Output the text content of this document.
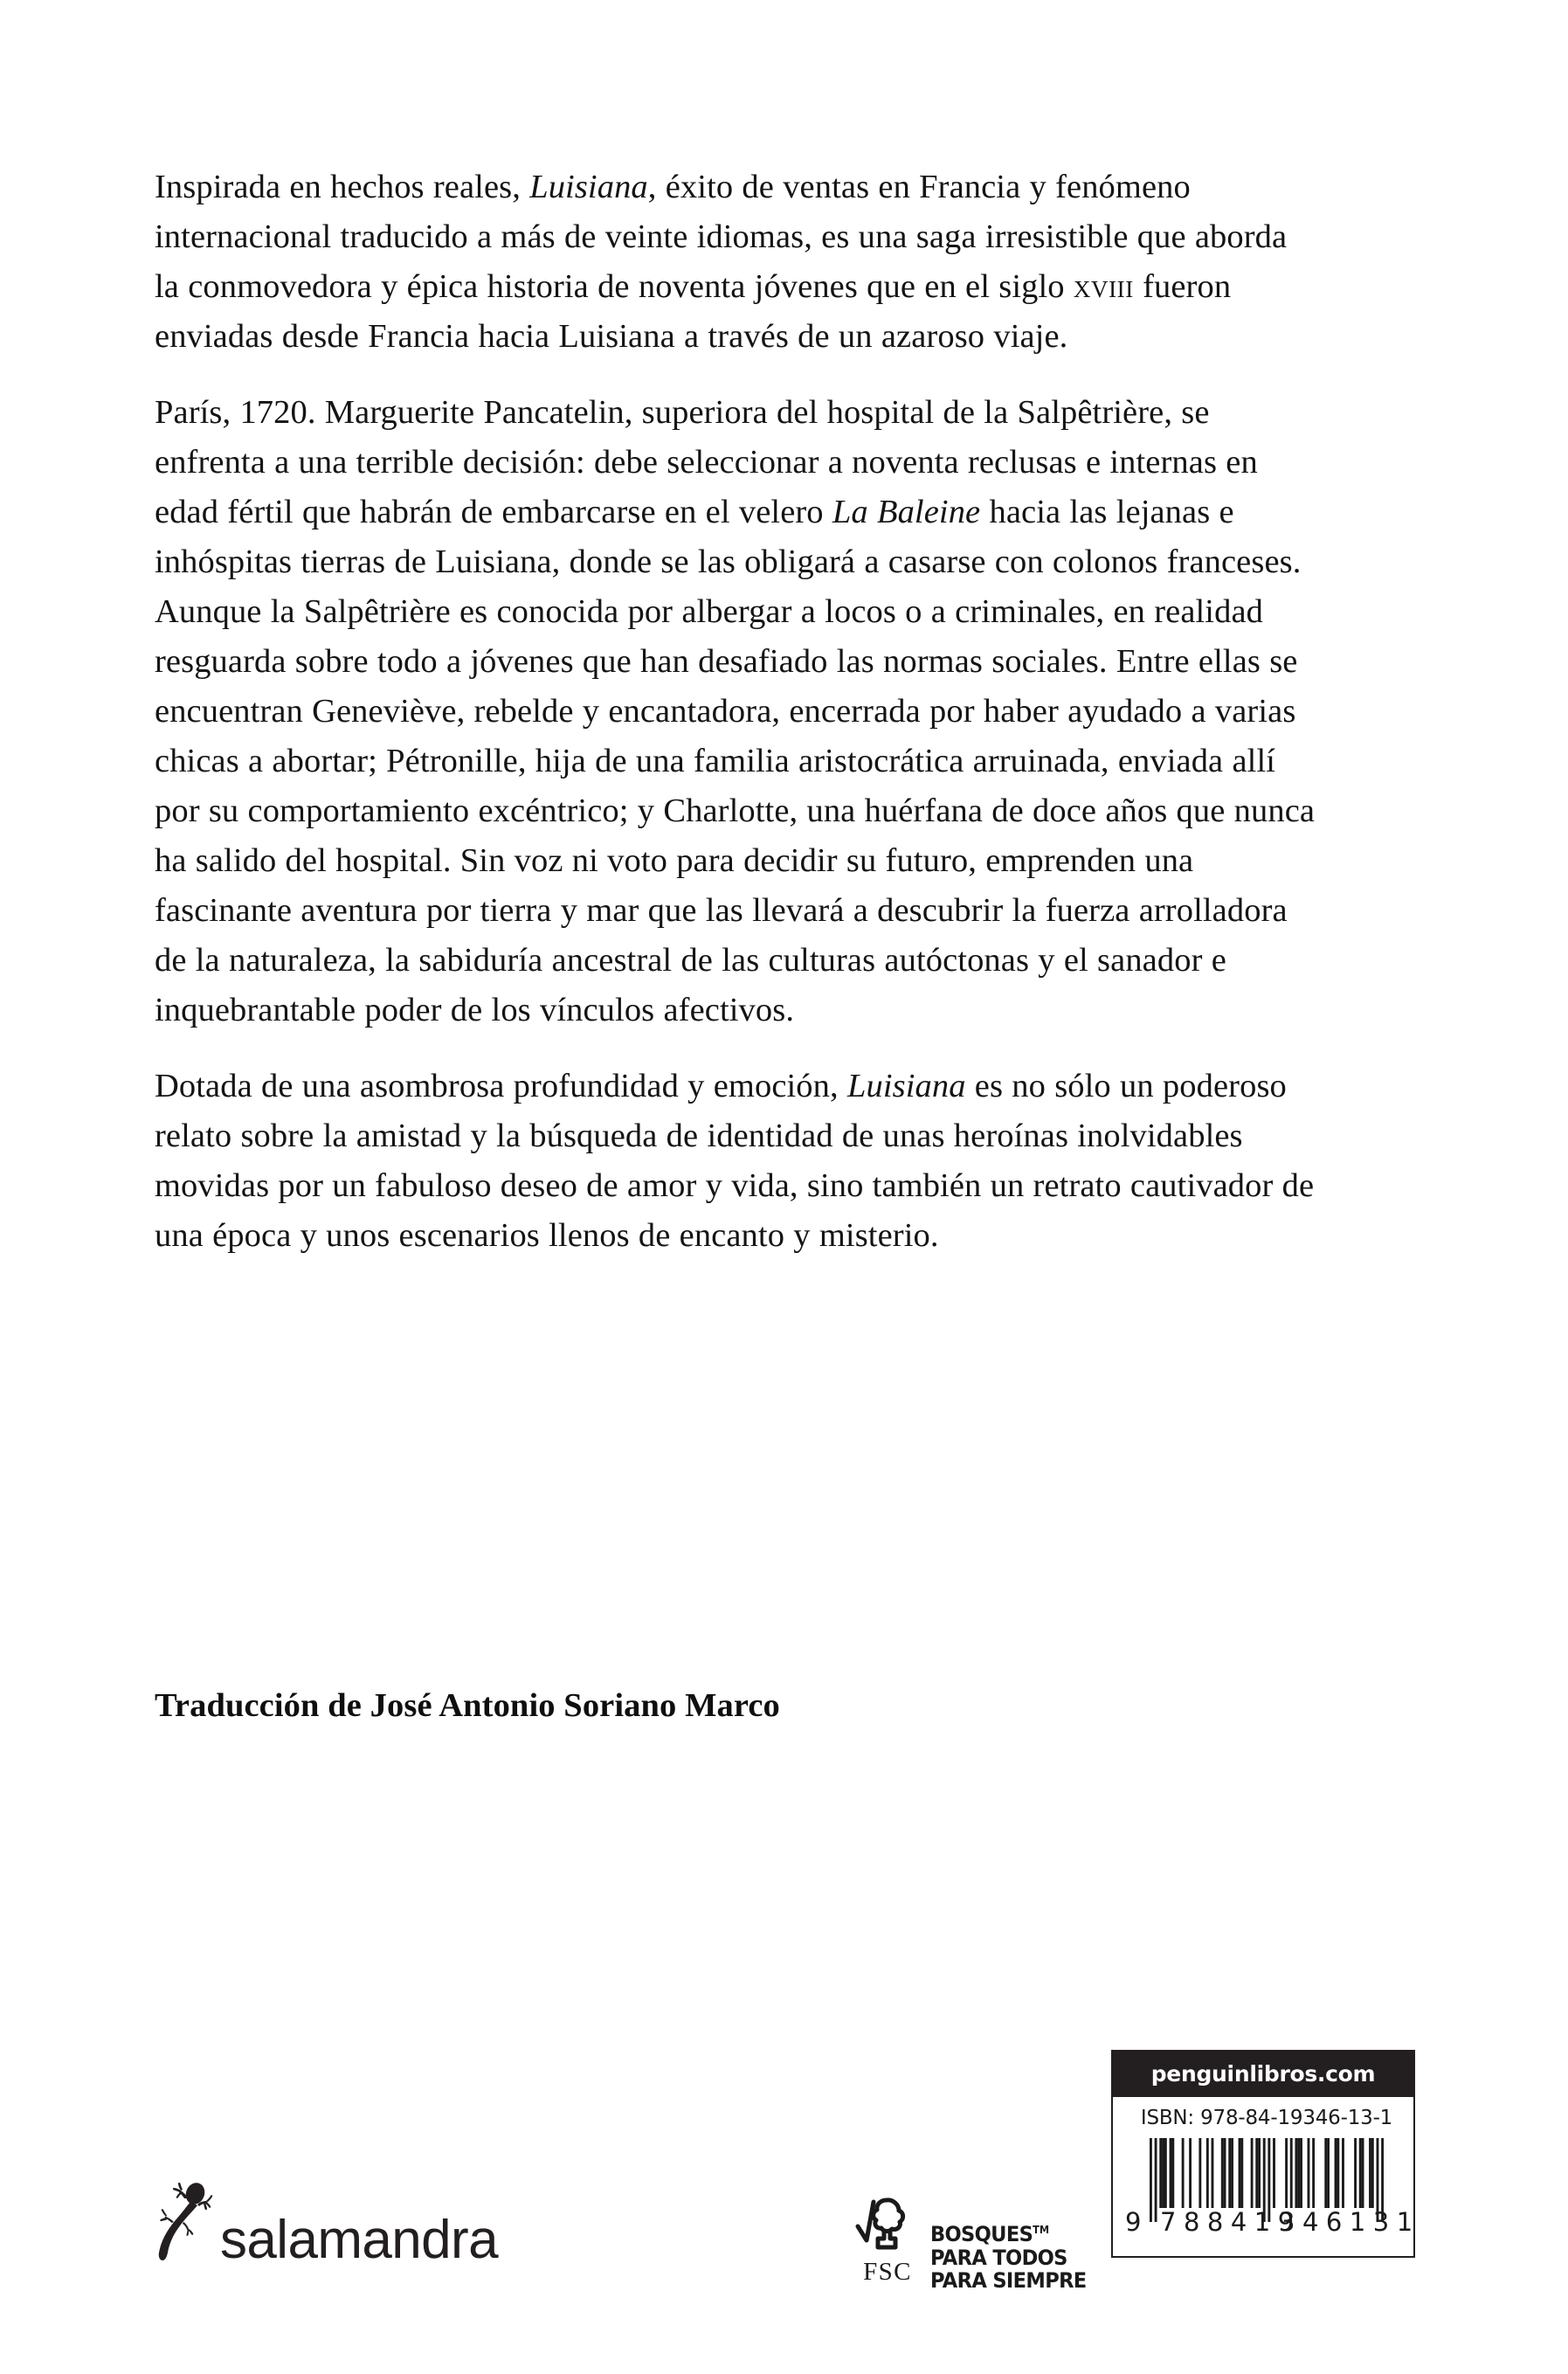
Inspirada en hechos reales, Luisiana, éxito de ventas en Francia y fenómeno internacional traducido a más de veinte idiomas, es una saga irresistible que aborda la conmovedora y épica historia de noventa jóvenes que en el siglo xviii fueron enviadas desde Francia hacia Luisiana a través de un azaroso viaje.

París, 1720. Marguerite Pancatelin, superiora del hospital de la Salpêtrière, se enfrenta a una terrible decisión: debe seleccionar a noventa reclusas e internas en edad fértil que habrán de embarcarse en el velero La Baleine hacia las lejanas e inhóspitas tierras de Luisiana, donde se las obligará a casarse con colonos franceses. Aunque la Salpêtrière es conocida por albergar a locos o a criminales, en realidad resguarda sobre todo a jóvenes que han desafiado las normas sociales. Entre ellas se encuentran Geneviève, rebelde y encantadora, encerrada por haber ayudado a varias chicas a abortar; Pétronille, hija de una familia aristocrática arruinada, enviada allí por su comportamiento excéntrico; y Charlotte, una huérfana de doce años que nunca ha salido del hospital. Sin voz ni voto para decidir su futuro, emprenden una fascinante aventura por tierra y mar que las llevará a descubrir la fuerza arrolladora de la naturaleza, la sabiduría ancestral de las culturas autóctonas y el sanador e inquebrantable poder de los vínculos afectivos.

Dotada de una asombrosa profundidad y emoción, Luisiana es no sólo un poderoso relato sobre la amistad y la búsqueda de identidad de unas heroínas inolvidables movidas por un fabuloso deseo de amor y vida, sino también un retrato cautivador de una época y unos escenarios llenos de encanto y misterio.

Traducción de José Antonio Soriano Marco
salamandra
FSC
BOSQUES™
PARA TODOS
PARA SIEMPRE
penguinlibros.com
ISBN: 978-84-19346-13-1
9 788419
346131
